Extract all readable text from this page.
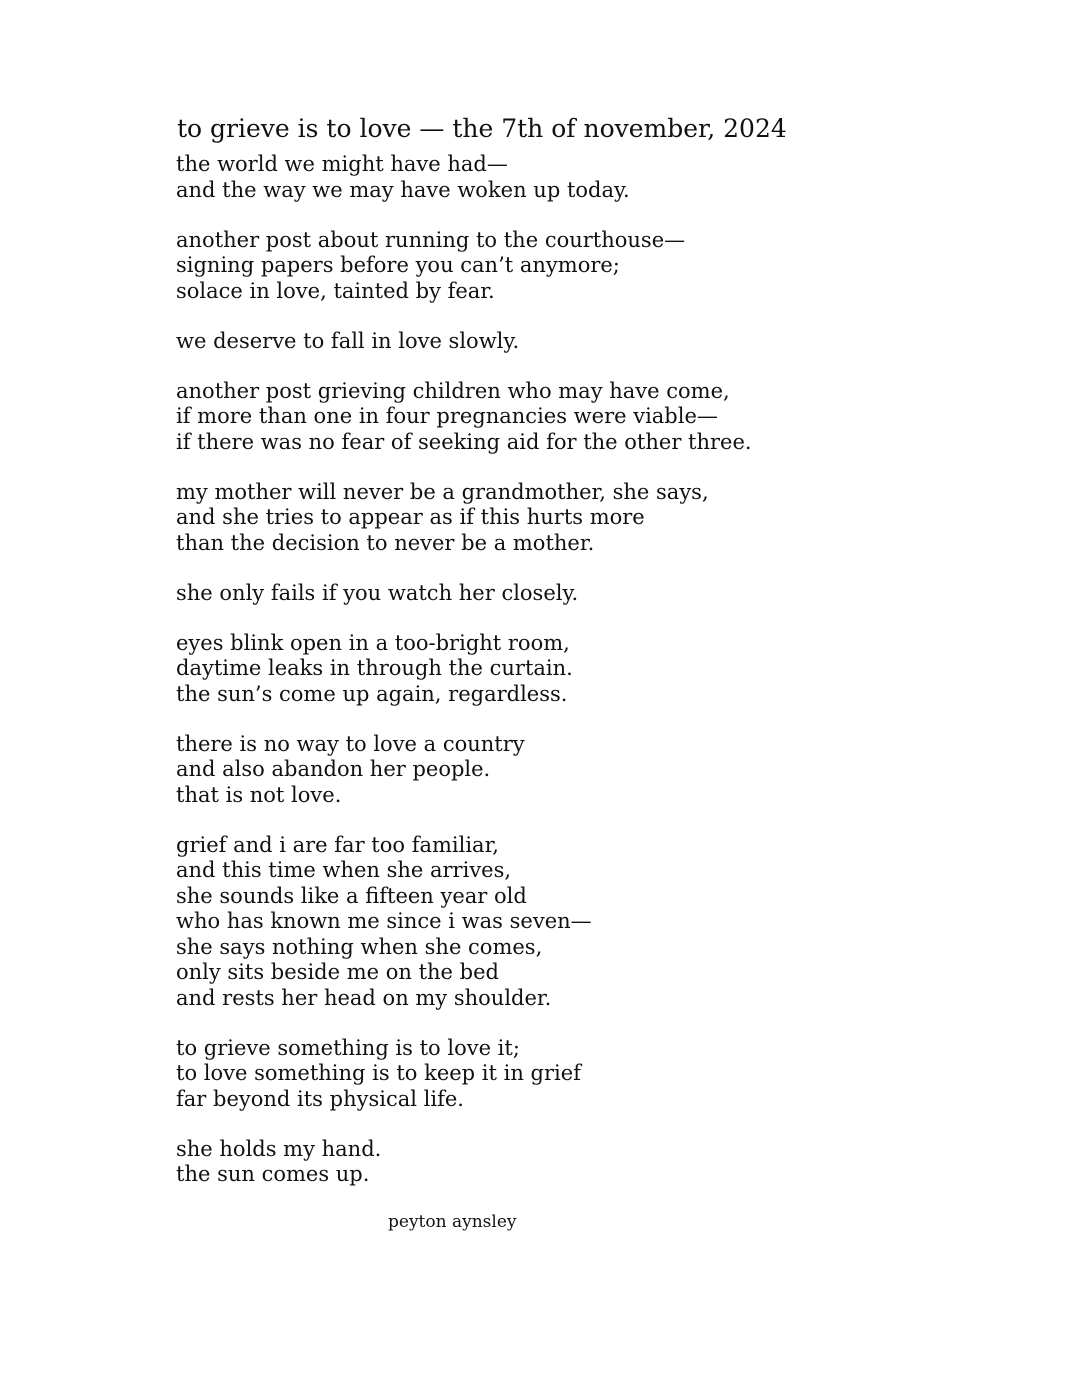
to grieve is to love — the 7th of november, 2024
the world we might have had—
and the way we may have woken up today.
another post about running to the courthouse—
signing papers before you can’t anymore;
solace in love, tainted by fear.
we deserve to fall in love slowly.
another post grieving children who may have come,
if more than one in four pregnancies were viable—
if there was no fear of seeking aid for the other three.
my mother will never be a grandmother, she says,
and she tries to appear as if this hurts more
than the decision to never be a mother.
she only fails if you watch her closely.
eyes blink open in a too-bright room,
daytime leaks in through the curtain.
the sun’s come up again, regardless.
there is no way to love a country
and also abandon her people.
that is not love.
grief and i are far too familiar,
and this time when she arrives,
she sounds like a fifteen year old
who has known me since i was seven—
she says nothing when she comes,
only sits beside me on the bed
and rests her head on my shoulder.
to grieve something is to love it;
to love something is to keep it in grief
far beyond its physical life.
she holds my hand.
the sun comes up.
peyton aynsley
